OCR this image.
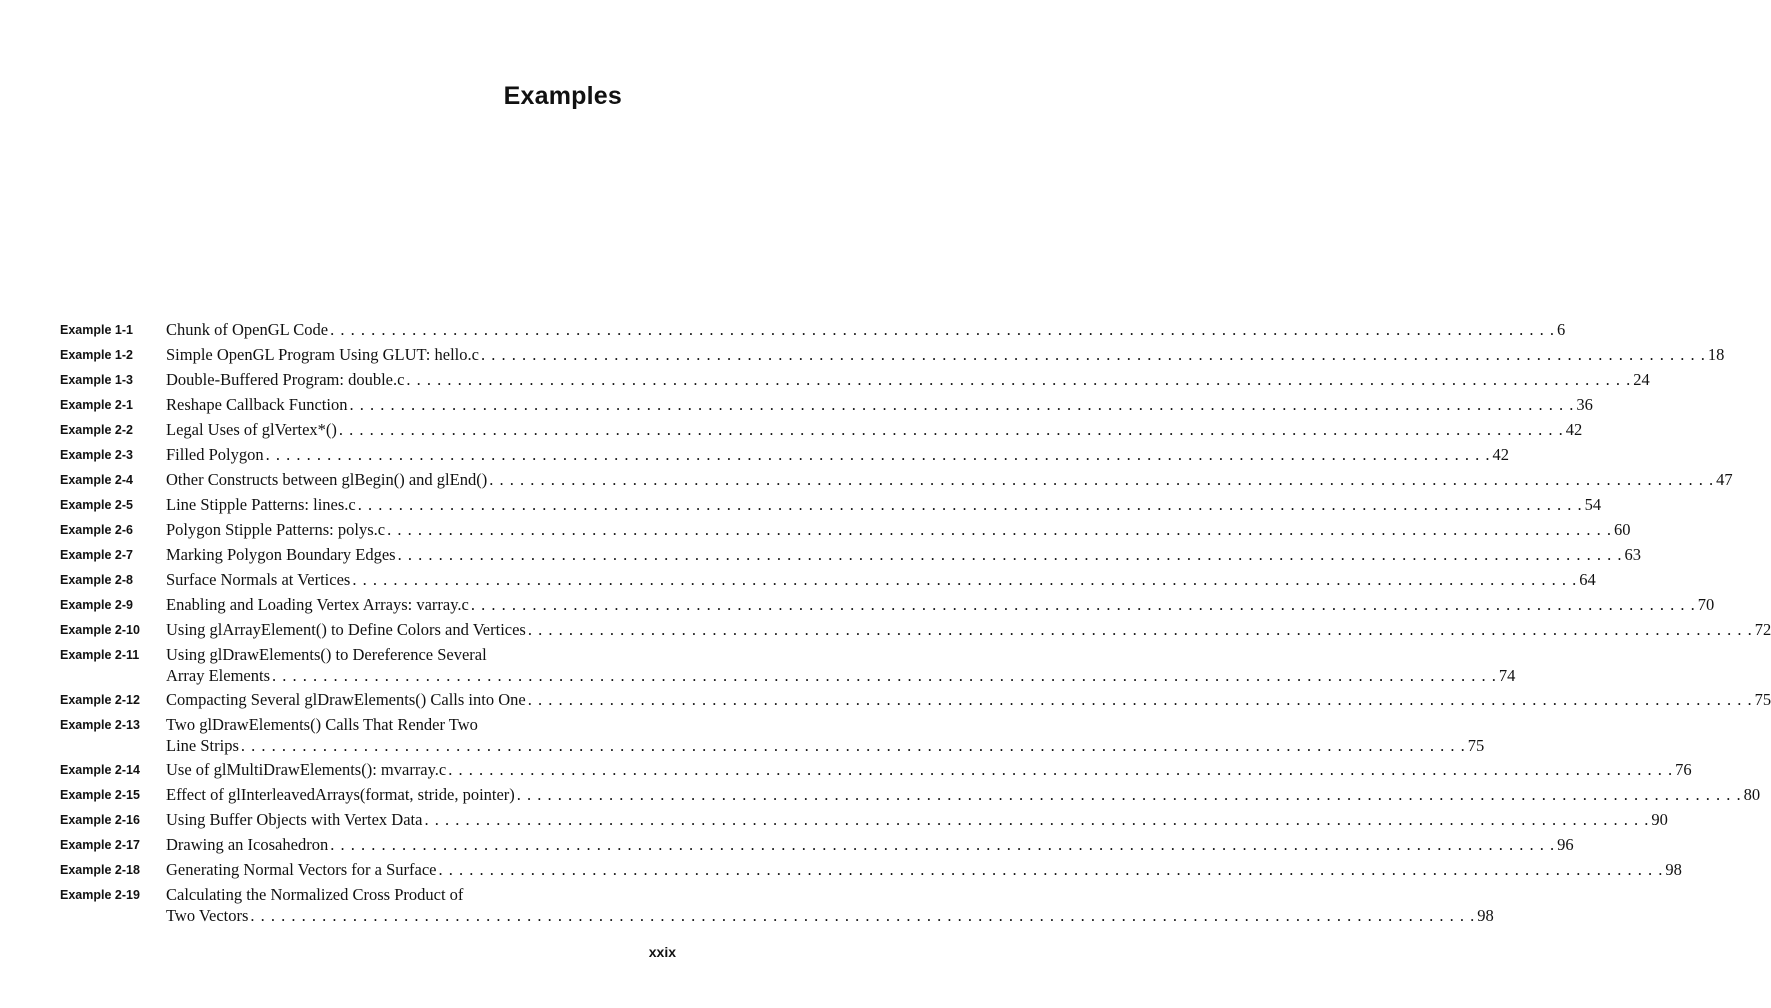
Examples
Example 1-1	Chunk of OpenGL Code . . . . . . . . . . . . . . . . . . . . . . . . . . . . . . . . . . . . . . . . . . . . . . . . . . . . . . . . . . . . . . . . . . . . . . . . . . . . . . . . . . . . . . . . . . . . . . . . . . . . . . . . . . . . . . . . . . . . . . . . 6
Example 1-2	Simple OpenGL Program Using GLUT: hello.c . . . . . . . . . . . . . . . . . . . . . . . . . . . . . . . . . . . . . . . . . . . . . . . . . . . . . . . . . . . . . . . . . . . . . . . . . . . . . . . . . . . . . . . . . . . . . . . . . . . . . . . . . . . . . . . . . . . . . . . . 18
Example 1-3	Double-Buffered Program: double.c . . . . . . . . . . . . . . . . . . . . . . . . . . . . . . . . . . . . . . . . . . . . . . . . . . . . . . . . . . . . . . . . . . . . . . . . . . . . . . . . . . . . . . . . . . . . . . . . . . . . . . . . . . . . . . . . . . . . . . . . 24
Example 2-1	Reshape Callback Function . . . . . . . . . . . . . . . . . . . . . . . . . . . . . . . . . . . . . . . . . . . . . . . . . . . . . . . . . . . . . . . . . . . . . . . . . . . . . . . . . . . . . . . . . . . . . . . . . . . . . . . . . . . . . . . . . . . . . . . . 36
Example 2-2	Legal Uses of glVertex*() . . . . . . . . . . . . . . . . . . . . . . . . . . . . . . . . . . . . . . . . . . . . . . . . . . . . . . . . . . . . . . . . . . . . . . . . . . . . . . . . . . . . . . . . . . . . . . . . . . . . . . . . . . . . . . . . . . . . . . . . 42
Example 2-3	Filled Polygon . . . . . . . . . . . . . . . . . . . . . . . . . . . . . . . . . . . . . . . . . . . . . . . . . . . . . . . . . . . . . . . . . . . . . . . . . . . . . . . . . . . . . . . . . . . . . . . . . . . . . . . . . . . . . . . . . . . . . . . . 42
Example 2-4	Other Constructs between glBegin() and glEnd() . . . . . . . . . . . . . . . . . . . . . . . . . . . . . . . . . . . . . . . . . . . . . . . . . . . . . . . . . . . . . . . . . . . . . . . . . . . . . . . . . . . . . . . . . . . . . . . . . . . . . . . . . . . . . . . . . . . . . . . . 47
Example 2-5	Line Stipple Patterns: lines.c . . . . . . . . . . . . . . . . . . . . . . . . . . . . . . . . . . . . . . . . . . . . . . . . . . . . . . . . . . . . . . . . . . . . . . . . . . . . . . . . . . . . . . . . . . . . . . . . . . . . . . . . . . . . . . . . . . . . . . . . 54
Example 2-6	Polygon Stipple Patterns: polys.c . . . . . . . . . . . . . . . . . . . . . . . . . . . . . . . . . . . . . . . . . . . . . . . . . . . . . . . . . . . . . . . . . . . . . . . . . . . . . . . . . . . . . . . . . . . . . . . . . . . . . . . . . . . . . . . . . . . . . . . . 60
Example 2-7	Marking Polygon Boundary Edges . . . . . . . . . . . . . . . . . . . . . . . . . . . . . . . . . . . . . . . . . . . . . . . . . . . . . . . . . . . . . . . . . . . . . . . . . . . . . . . . . . . . . . . . . . . . . . . . . . . . . . . . . . . . . . . . . . . . . . . . 63
Example 2-8	Surface Normals at Vertices . . . . . . . . . . . . . . . . . . . . . . . . . . . . . . . . . . . . . . . . . . . . . . . . . . . . . . . . . . . . . . . . . . . . . . . . . . . . . . . . . . . . . . . . . . . . . . . . . . . . . . . . . . . . . . . . . . . . . . . . 64
Example 2-9	Enabling and Loading Vertex Arrays: varray.c . . . . . . . . . . . . . . . . . . . . . . . . . . . . . . . . . . . . . . . . . . . . . . . . . . . . . . . . . . . . . . . . . . . . . . . . . . . . . . . . . . . . . . . . . . . . . . . . . . . . . . . . . . . . . . . . . . . . . . . . 70
Example 2-10	Using glArrayElement() to Define Colors and Vertices . . . . . . . . . . . . . . . . . . . . . . . . . . . . . . . . . . . . . . . . . . . . . . . . . . . . . . . . . . . . . . . . . . . . . . . . . . . . . . . . . . . . . . . . . . . . . . . . . . . . . . . . . . . . . . . . . . . . . . . . 72
Example 2-11	Using glDrawElements() to Dereference Several
Array Elements . . . . . . . . . . . . . . . . . . . . . . . . . . . . . . . . . . . . . . . . . . . . . . . . . . . . . . . . . . . . . . . . . . . . . . . . . . . . . . . . . . . . . . . . . . . . . . . . . . . . . . . . . . . . . . . . . . . . . . . . 74
Example 2-12	Compacting Several glDrawElements() Calls into One . . . . . . . . . . . . . . . . . . . . . . . . . . . . . . . . . . . . . . . . . . . . . . . . . . . . . . . . . . . . . . . . . . . . . . . . . . . . . . . . . . . . . . . . . . . . . . . . . . . . . . . . . . . . . . . . . . . . . . . . 75
Example 2-13	Two glDrawElements() Calls That Render Two
Line Strips . . . . . . . . . . . . . . . . . . . . . . . . . . . . . . . . . . . . . . . . . . . . . . . . . . . . . . . . . . . . . . . . . . . . . . . . . . . . . . . . . . . . . . . . . . . . . . . . . . . . . . . . . . . . . . . . . . . . . . . . 75
Example 2-14	Use of glMultiDrawElements(): mvarray.c . . . . . . . . . . . . . . . . . . . . . . . . . . . . . . . . . . . . . . . . . . . . . . . . . . . . . . . . . . . . . . . . . . . . . . . . . . . . . . . . . . . . . . . . . . . . . . . . . . . . . . . . . . . . . . . . . . . . . . . . 76
Example 2-15	Effect of glInterleavedArrays(format, stride, pointer) . . . . . . . . . . . . . . . . . . . . . . . . . . . . . . . . . . . . . . . . . . . . . . . . . . . . . . . . . . . . . . . . . . . . . . . . . . . . . . . . . . . . . . . . . . . . . . . . . . . . . . . . . . . . . . . . . . . . . . . . 80
Example 2-16	Using Buffer Objects with Vertex Data . . . . . . . . . . . . . . . . . . . . . . . . . . . . . . . . . . . . . . . . . . . . . . . . . . . . . . . . . . . . . . . . . . . . . . . . . . . . . . . . . . . . . . . . . . . . . . . . . . . . . . . . . . . . . . . . . . . . . . . . 90
Example 2-17	Drawing an Icosahedron . . . . . . . . . . . . . . . . . . . . . . . . . . . . . . . . . . . . . . . . . . . . . . . . . . . . . . . . . . . . . . . . . . . . . . . . . . . . . . . . . . . . . . . . . . . . . . . . . . . . . . . . . . . . . . . . . . . . . . . . 96
Example 2-18	Generating Normal Vectors for a Surface . . . . . . . . . . . . . . . . . . . . . . . . . . . . . . . . . . . . . . . . . . . . . . . . . . . . . . . . . . . . . . . . . . . . . . . . . . . . . . . . . . . . . . . . . . . . . . . . . . . . . . . . . . . . . . . . . . . . . . . . 98
Example 2-19	Calculating the Normalized Cross Product of
Two Vectors . . . . . . . . . . . . . . . . . . . . . . . . . . . . . . . . . . . . . . . . . . . . . . . . . . . . . . . . . . . . . . . . . . . . . . . . . . . . . . . . . . . . . . . . . . . . . . . . . . . . . . . . . . . . . . . . . . . . . . . . 98
xxix
